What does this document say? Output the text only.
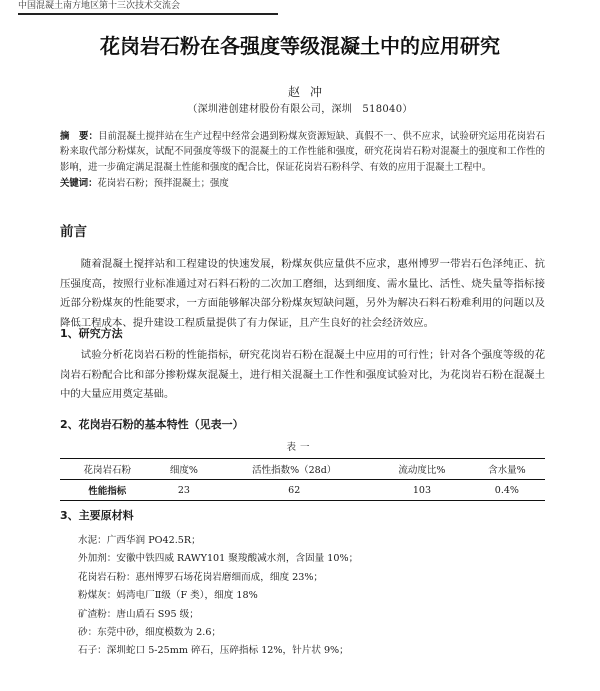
中国混凝土南方地区第十三次技术交流会
花岗岩石粉在各强度等级混凝土中的应用研究
赵冲
（深圳港创建材股份有限公司，深圳　518040）
摘　要：目前混凝土搅拌站在生产过程中经常会遇到粉煤灰资源短缺、真假不一、供不应求，试验研究运用花岗岩石粉来取代部分粉煤灰，试配不同强度等级下的混凝土的工作性能和强度，研究花岗岩石粉对混凝土的强度和工作性的影响，进一步确定满足混凝土性能和强度的配合比，保证花岗岩石粉科学、有效的应用于混凝土工程中。
关键词：花岗岩石粉；预拌混凝土；强度
前言
随着混凝土搅拌站和工程建设的快速发展，粉煤灰供应量供不应求，惠州博罗一带岩石色泽纯正、抗压强度高，按照行业标准通过对石料石粉的二次加工磨细，达到细度、需水量比、活性、烧失量等指标接近部分粉煤灰的性能要求，一方面能够解决部分粉煤灰短缺问题，另外为解决石料石粉难利用的问题以及降低工程成本、提升建设工程质量提供了有力保证，且产生良好的社会经济效应。
1、研究方法
试验分析花岗岩石粉的性能指标，研究花岗岩石粉在混凝土中应用的可行性；针对各个强度等级的花岗岩石粉配合比和部分掺粉煤灰混凝土，进行相关混凝土工作性和强度试验对比，为花岗岩石粉在混凝土中的大量应用奠定基础。
2、花岗岩石粉的基本特性（见表一）
表一
花岗岩石粉	细度%	活性指数%（28d）	流动度比%	含水量%
性能指标	23	62	103	0.4%
3、主要原材料
水泥：广西华润 PO42.5R；
外加剂：安徽中铁四威 RAWY101 聚羧酸减水剂，含固量 10%；
花岗岩石粉：惠州博罗石场花岗岩磨细而成，细度 23%；
粉煤灰：妈湾电厂Ⅱ级（F 类），细度 18%
矿渣粉：唐山盾石 S95 级；
砂：东莞中砂，细度模数为 2.6；
石子：深圳蛇口 5-25mm 碎石，压碎指标 12%，针片状 9%；
